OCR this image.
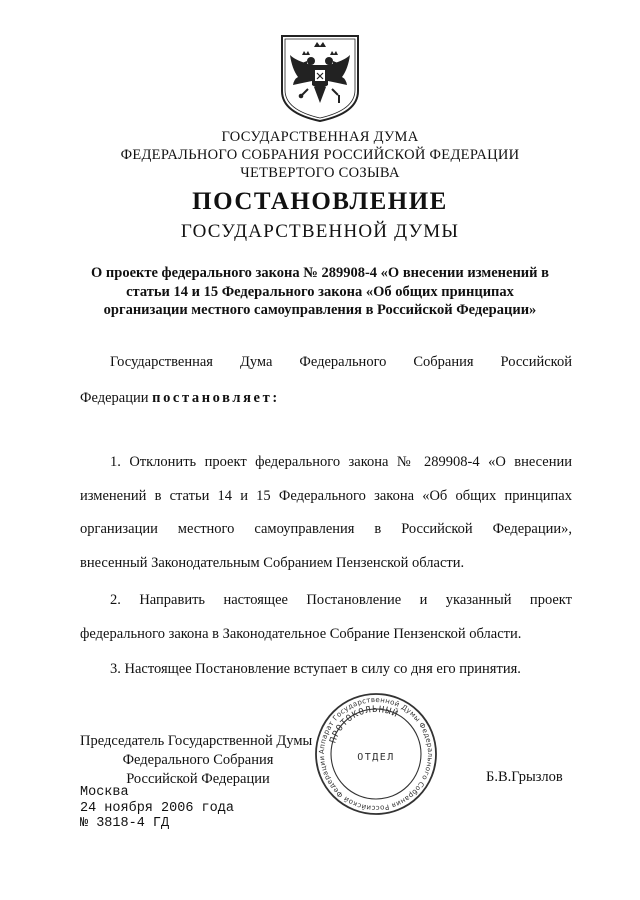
ГОСУДАРСТВЕННАЯ ДУМА
ФЕДЕРАЛЬНОГО СОБРАНИЯ РОССИЙСКОЙ ФЕДЕРАЦИИ
ЧЕТВЕРТОГО СОЗЫВА
ПОСТАНОВЛЕНИЕ
ГОСУДАРСТВЕННОЙ ДУМЫ
О проекте федерального закона № 289908-4 «О внесении изменений в
статьи 14 и 15 Федерального закона «Об общих принципах
организации местного самоуправления в Российской Федерации»
Государственная Дума Федерального Собрания Российской
Федерации постановляет:
1. Отклонить проект федерального закона № 289908-4 «О внесении
изменений в статьи 14 и 15 Федерального закона «Об общих принципах
организации местного самоуправления в Российской Федерации»,
внесенный Законодательным Собранием Пензенской области.
2. Направить настоящее Постановление и указанный проект
федерального закона в Законодательное Собрание Пензенской области.
3. Настоящее Постановление вступает в силу со дня его принятия.
Председатель Государственной Думы
Федерального Собрания
Российской Федерации	Б.В.Грызлов
Москва
24 ноября 2006 года
№ 3818-4 ГД
Аппарат Государственной Думы Федерального Собрания Российской Федерации
ПРОТОКОЛЬНЫЙ
ОТДЕЛ
